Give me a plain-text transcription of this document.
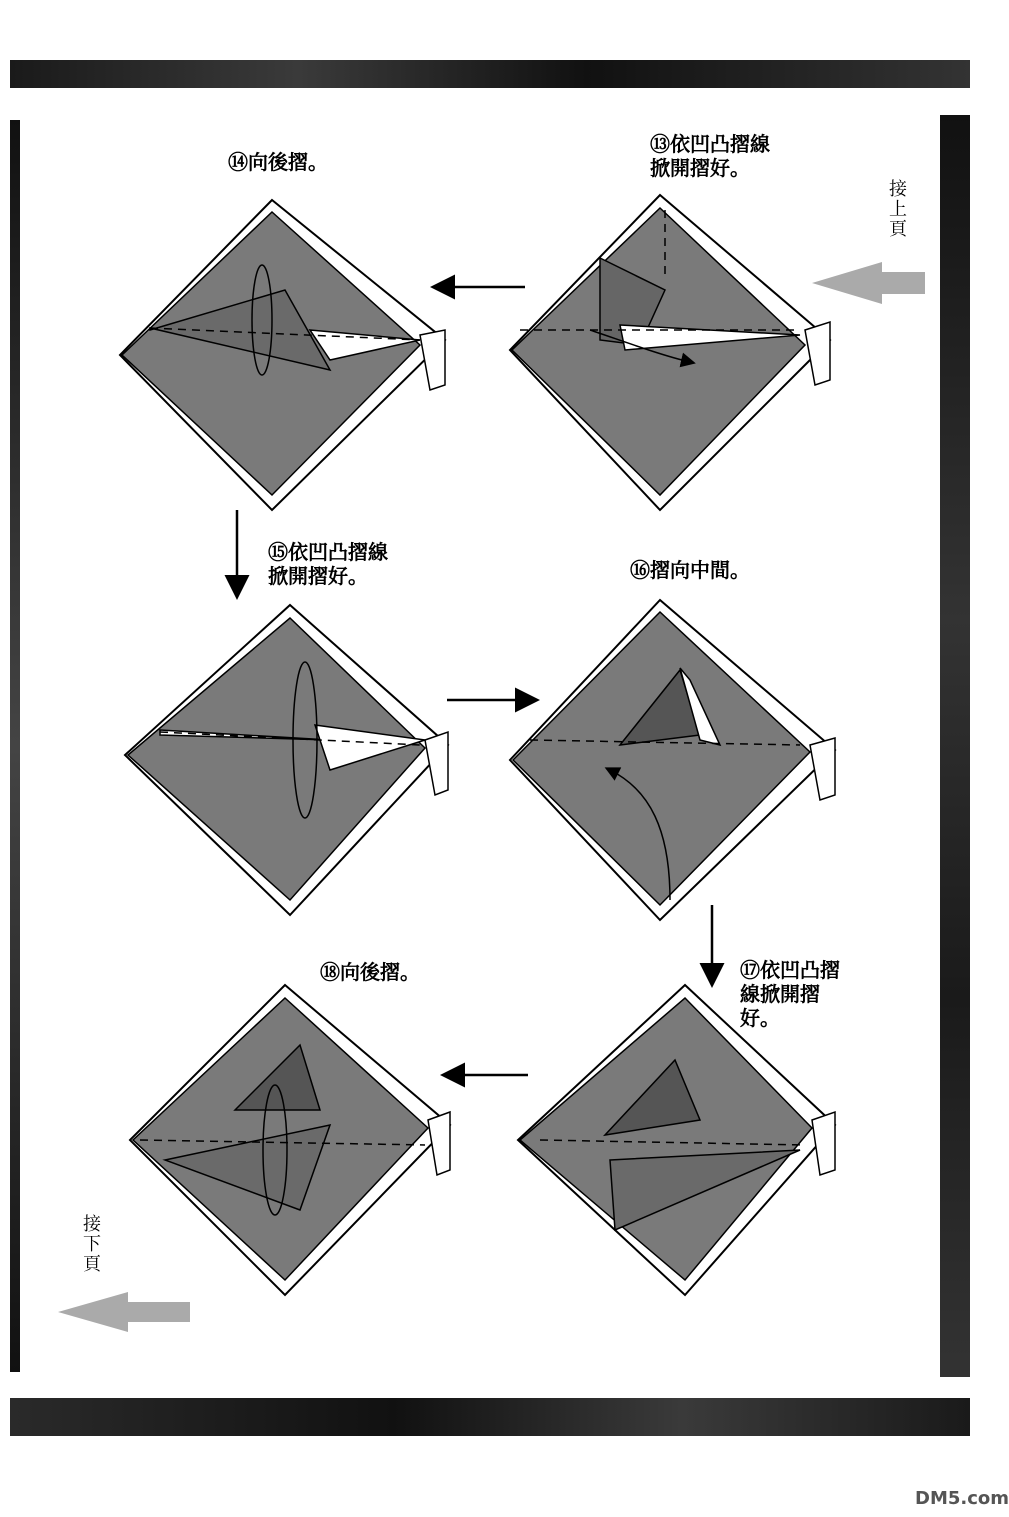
⑭向後摺。
⑬依凹凸摺線
掀開摺好。
⑮依凹凸摺線
掀開摺好。	⑯摺向中間。
⑰依凹凸摺
線掀開摺
好。
⑱向後摺。
接上頁
接下頁
DM5.com
